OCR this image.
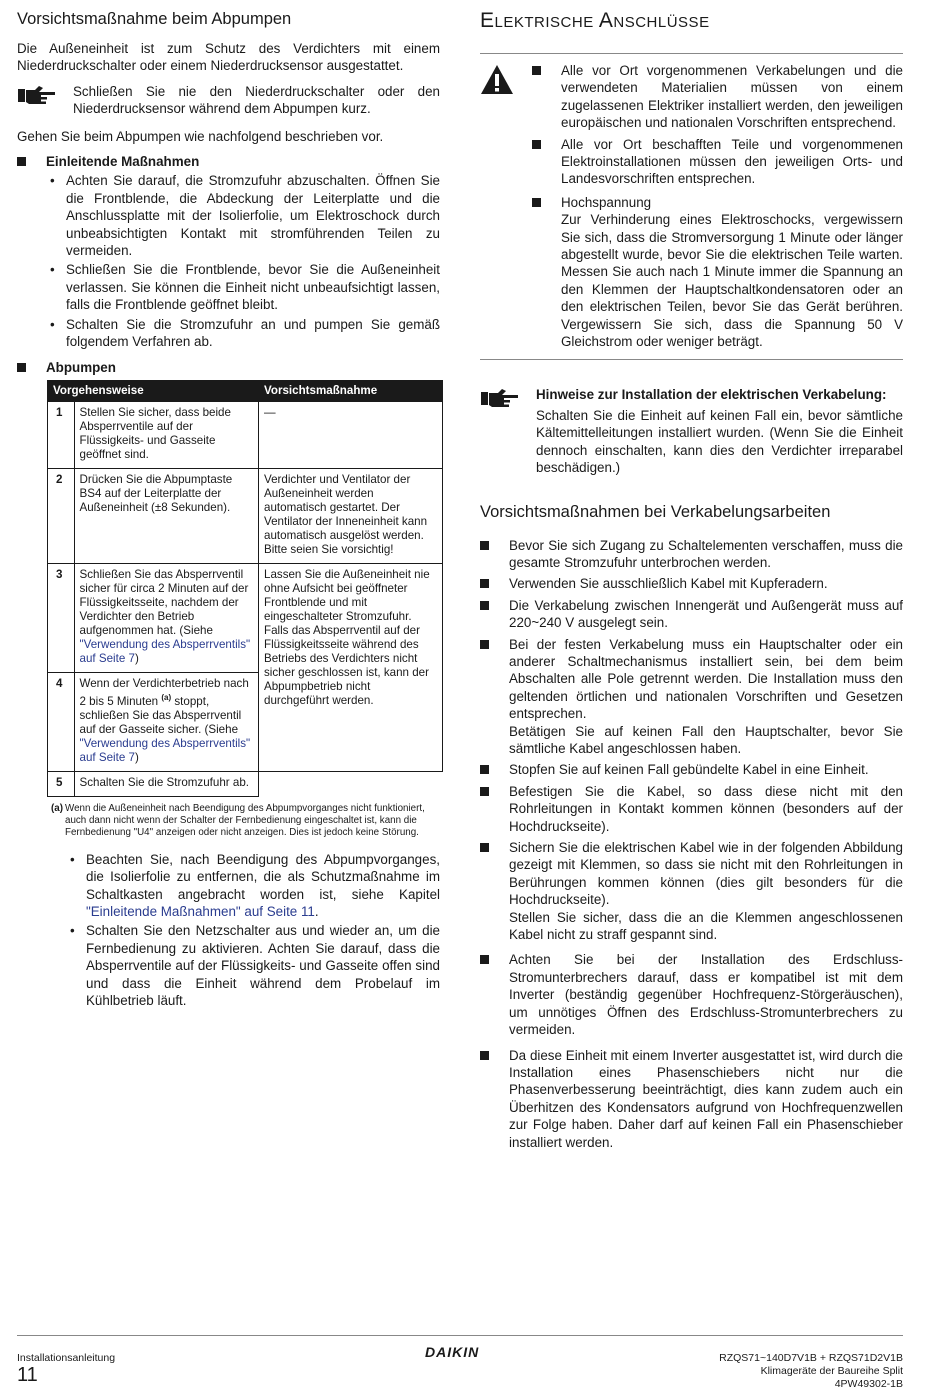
Vorsichtsmaßnahme beim Abpumpen

Die Außeneinheit ist zum Schutz des Verdichters mit einem Niederdruckschalter oder einem Niederdrucksensor ausgestattet.

Schließen Sie nie den Niederdruckschalter oder den Niederdrucksensor während dem Abpumpen kurz.

Gehen Sie beim Abpumpen wie nachfolgend beschrieben vor.

Einleitende Maßnahmen
• Achten Sie darauf, die Stromzufuhr abzuschalten. Öffnen Sie die Frontblende, die Abdeckung der Leiterplatte und die Anschlussplatte mit der Isolierfolie, um Elektroschock durch unbeabsichtigten Kontakt mit stromführenden Teilen zu vermeiden.
• Schließen Sie die Frontblende, bevor Sie die Außeneinheit verlassen. Sie können die Einheit nicht unbeaufsichtigt lassen, falls die Frontblende geöffnet bleibt.
• Schalten Sie die Stromzufuhr an und pumpen Sie gemäß folgendem Verfahren ab.
Abpumpen
Vorgehensweise		Vorsichtsmaßnahme
1	Stellen Sie sicher, dass beide Absperrventile auf der Flüssigkeits- und Gasseite geöffnet sind.	—
2	Drücken Sie die Abpumptaste BS4 auf der Leiterplatte der Außeneinheit (±8 Sekunden).	Verdichter und Ventilator der Außeneinheit werden automatisch gestartet. Der Ventilator der Inneneinheit kann automatisch ausgelöst werden. Bitte seien Sie vorsichtig!
3	Schließen Sie das Absperrventil sicher für circa 2 Minuten auf der Flüssigkeitsseite, nachdem der Verdichter den Betrieb aufgenommen hat. (Siehe "Verwendung des Absperrventils" auf Seite 7)	Lassen Sie die Außeneinheit nie ohne Aufsicht bei geöffneter Frontblende und mit eingeschalteter Stromzufuhr. Falls das Absperrventil auf der Flüssigkeitsseite während des Betriebs des Verdichters nicht sicher geschlossen ist, kann der Abpumpbetrieb nicht durchgeführt werden.
4	Wenn der Verdichterbetrieb nach 2 bis 5 Minuten $^{(a)}$ stoppt, schließen Sie das Absperrventil auf der Gasseite sicher. (Siehe "Verwendung des Absperrventils" auf Seite 7)	
5	Schalten Sie die Stromzufuhr ab.	
(a) Wenn die Außeneinheit nach Beendigung des Abpumpvorganges nicht funktioniert, auch dann nicht wenn der Schalter der Fernbedienung eingeschaltet ist, kann die Fernbedienung "U4" anzeigen oder nicht anzeigen. Dies ist jedoch keine Störung.
• Beachten Sie, nach Beendigung des Abpumpvorganges, die Isolierfolie zu entfernen, die als Schutzmaßnahme im Schaltkasten angebracht worden ist, siehe Kapitel "Einleitende Maßnahmen" auf Seite 11.
• Schalten Sie den Netzschalter aus und wieder an, um die Fernbedienung zu aktivieren. Achten Sie darauf, dass die Absperrventile auf der Flüssigkeits- und Gasseite offen sind und dass die Einheit während dem Probelauf im Kühlbetrieb läuft.
Elektrische Anschlüsse
Alle vor Ort vorgenommenen Verkabelungen und die verwendeten Materialien müssen von einem zugelassenen Elektriker installiert werden, den jeweiligen europäischen und nationalen Vorschriften entsprechend.
Alle vor Ort beschafften Teile und vorgenommenen Elektroinstallationen müssen den jeweiligen Orts- und Landesvorschriften entsprechen.
Hochspannung
Zur Verhinderung eines Elektroschocks, vergewissern Sie sich, dass die Stromversorgung 1 Minute oder länger abgestellt wurde, bevor Sie die elektrischen Teile warten. Messen Sie auch nach 1 Minute immer die Spannung an den Klemmen der Hauptschaltkondensatoren oder an den elektrischen Teilen, bevor Sie das Gerät berühren. Vergewissern Sie sich, dass die Spannung 50 V Gleichstrom oder weniger beträgt.
Hinweise zur Installation der elektrischen Verkabelung:
Schalten Sie die Einheit auf keinen Fall ein, bevor sämtliche Kältemittelleitungen installiert wurden. (Wenn Sie die Einheit dennoch einschalten, kann dies den Verdichter irreparabel beschädigen.)
Vorsichtsmaßnahmen bei Verkabelungsarbeiten
Bevor Sie sich Zugang zu Schaltelementen verschaffen, muss die gesamte Stromzufuhr unterbrochen werden.
Verwenden Sie ausschließlich Kabel mit Kupferadern.
Die Verkabelung zwischen Innengerät und Außengerät muss auf 220~240 V ausgelegt sein.
Bei der festen Verkabelung muss ein Hauptschalter oder ein anderer Schaltmechanismus installiert sein, bei dem beim Abschalten alle Pole getrennt werden. Die Installation muss den geltenden örtlichen und nationalen Vorschriften und Gesetzen entsprechen.
Betätigen Sie auf keinen Fall den Hauptschalter, bevor Sie sämtliche Kabel angeschlossen haben.
Stopfen Sie auf keinen Fall gebündelte Kabel in eine Einheit.
Befestigen Sie die Kabel, so dass diese nicht mit den Rohrleitungen in Kontakt kommen können (besonders auf der Hochdruckseite).
Sichern Sie die elektrischen Kabel wie in der folgenden Abbildung gezeigt mit Klemmen, so dass sie nicht mit den Rohrleitungen in Berührungen kommen können (dies gilt besonders für die Hochdruckseite).
Stellen Sie sicher, dass die an die Klemmen angeschlossenen Kabel nicht zu straff gespannt sind.
Achten Sie bei der Installation des Erdschluss-Stromunterbrechers darauf, dass er kompatibel ist mit dem Inverter (beständig gegenüber Hochfrequenz-Störgeräuschen), um unnötiges Öffnen des Erdschluss-Stromunterbrechers zu vermeiden.
Da diese Einheit mit einem Inverter ausgestattet ist, wird durch die Installation eines Phasenschiebers nicht nur die Phasenverbesserung beeinträchtigt, dies kann zudem auch ein Überhitzen des Kondensators aufgrund von Hochfrequenzwellen zur Folge haben. Daher darf auf keinen Fall ein Phasenschieber installiert werden.
Installationsanleitung
11
DAIKIN	RZQS71~140D7V1B + RZQS71D2V1B
Klimageräte der Baureihe Split
4PW49302-1B
